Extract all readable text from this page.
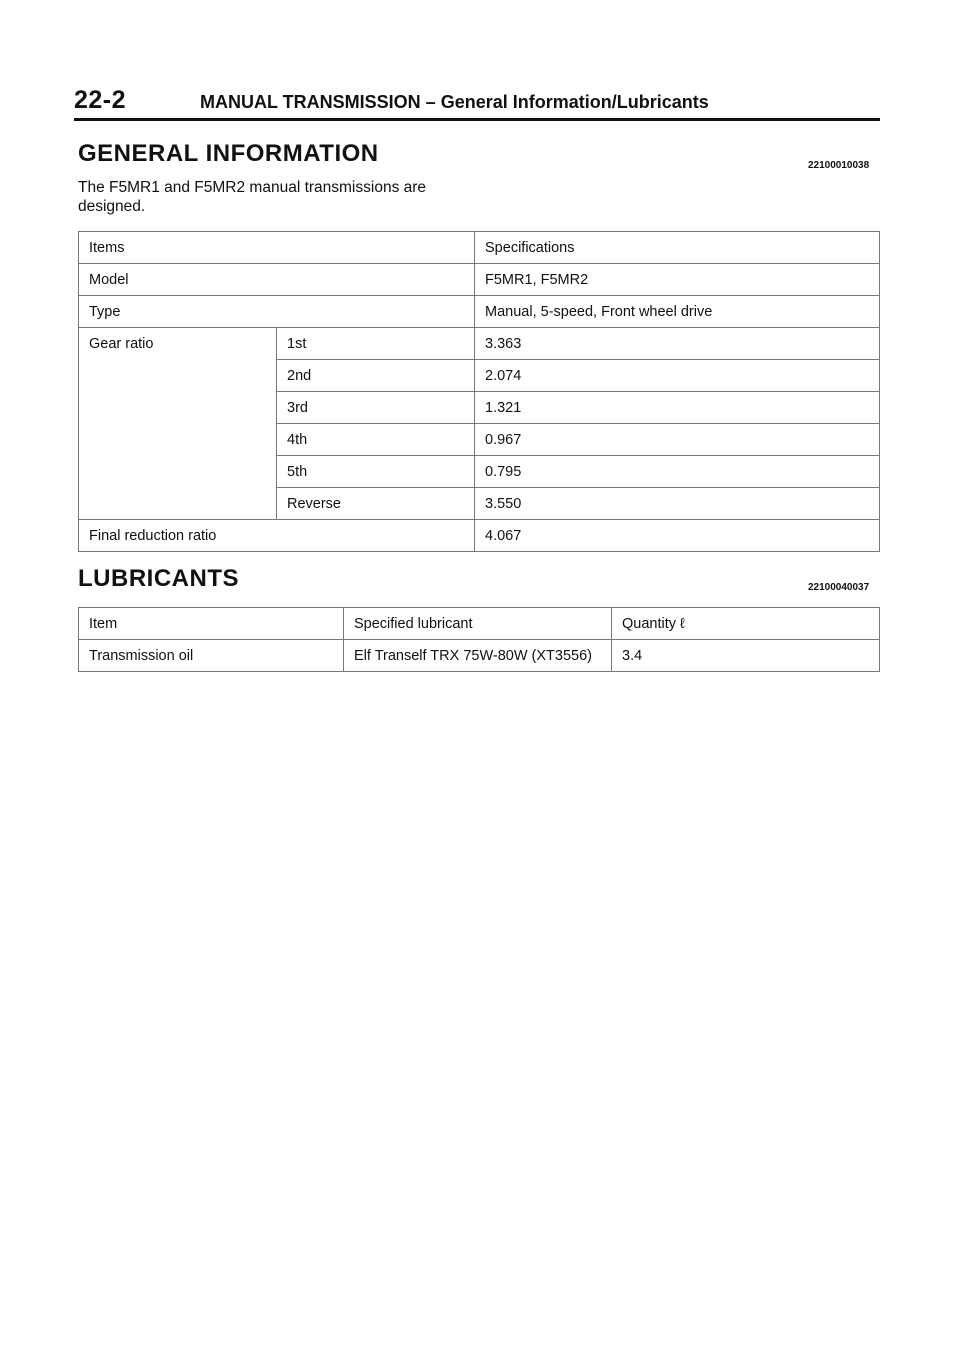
22-2	MANUAL TRANSMISSION – General Information/Lubricants
GENERAL INFORMATION	22100010038
The F5MR1 and F5MR2 manual transmissions are
designed.
Items		Specifications
Model		F5MR1, F5MR2
Type		Manual, 5-speed, Front wheel drive
Gear ratio	1st	3.363
	2nd	2.074
	3rd	1.321
	4th	0.967
	5th	0.795
	Reverse	3.550
Final reduction ratio		4.067
LUBRICANTS	22100040037
Item	Specified lubricant	Quantity ℓ
Transmission oil	Elf Tranself TRX 75W-80W (XT3556)	3.4
